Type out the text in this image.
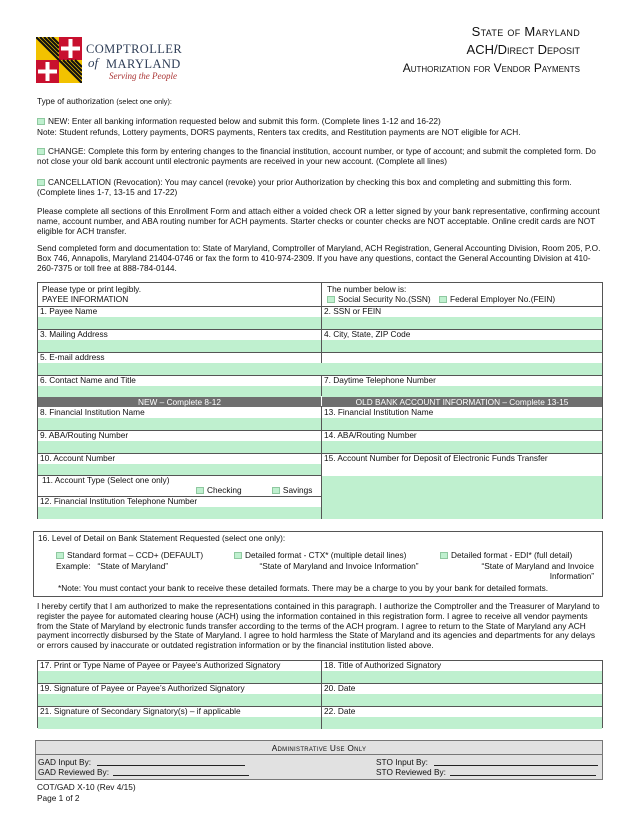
COMPTROLLER
of MARYLAND
Serving the People
State of Maryland
ACH/Direct Deposit
Authorization for Vendor Payments
Type of authorization (select one only):
NEW: Enter all banking information requested below and submit this form. (Complete lines 1-12 and 16-22)
Note: Student refunds, Lottery payments, DORS payments, Renters tax credits, and Restitution payments are NOT eligible for ACH.
CHANGE: Complete this form by entering changes to the financial institution, account number, or type of account; and submit the completed form. Do not close your old bank account until electronic payments are received in your new account. (Complete all lines)
CANCELLATION (Revocation): You may cancel (revoke) your prior Authorization by checking this box and completing and submitting this form. (Complete lines 1-7, 13-15 and 17-22)
Please complete all sections of this Enrollment Form and attach either a voided check OR a letter signed by your bank representative, confirming account name, account number, and ABA routing number for ACH payments. Starter checks or counter checks are NOT acceptable. Online credit cards are NOT eligible for ACH transfer.
Send completed form and documentation to: State of Maryland, Comptroller of Maryland, ACH Registration, General Accounting Division, Room 205, P.O. Box 746, Annapolis, Maryland 21404-0746 or fax the form to 410-974-2309. If you have any questions, contact the General Accounting Division at 410-260-7375 or toll free at 888-784-0144.
Please type or print legibly.
PAYEE INFORMATION
The number below is:
Social Security No.(SSN) Federal Employer No.(FEIN)
1. Payee Name	2. SSN or FEIN
3. Mailing Address	4. City, State, ZIP Code
5. E-mail address
6. Contact Name and Title	7. Daytime Telephone Number
NEW – Complete 8-12	OLD BANK ACCOUNT INFORMATION – Complete 13-15
8. Financial Institution Name	13. Financial Institution Name
9. ABA/Routing Number	14. ABA/Routing Number
10. Account Number	15. Account Number for Deposit of Electronic Funds Transfer
11. Account Type (Select one only)
Checking	Savings
12. Financial Institution Telephone Number
16. Level of Detail on Bank Statement Requested (select one only):
Standard format – CCD+ (DEFAULT)
Example: “State of Maryland”
Detailed format - CTX* (multiple detail lines)
“State of Maryland and Invoice Information”
Detailed format - EDI* (full detail)
“State of Maryland and Invoice Information”
*Note: You must contact your bank to receive these detailed formats. There may be a charge to you by your bank for detailed formats.
I hereby certify that I am authorized to make the representations contained in this paragraph. I authorize the Comptroller and the Treasurer of Maryland to register the payee for automated clearing house (ACH) using the information contained in this registration form. I agree to receive all vendor payments from the State of Maryland by electronic funds transfer according to the terms of the ACH program. I agree to return to the State of Maryland any ACH payment incorrectly disbursed by the State of Maryland. I agree to hold harmless the State of Maryland and its agencies and departments for any delays or errors caused by inaccurate or outdated registration information or by the financial institution listed above.
17. Print or Type Name of Payee or Payee’s Authorized Signatory	18. Title of Authorized Signatory
19. Signature of Payee or Payee’s Authorized Signatory	20. Date
21. Signature of Secondary Signatory(s) – if applicable	22. Date
Administrative Use Only
GAD Input By:
GAD Reviewed By:
STO Input By:
STO Reviewed By:
COT/GAD X-10 (Rev 4/15)
Page 1 of 2
